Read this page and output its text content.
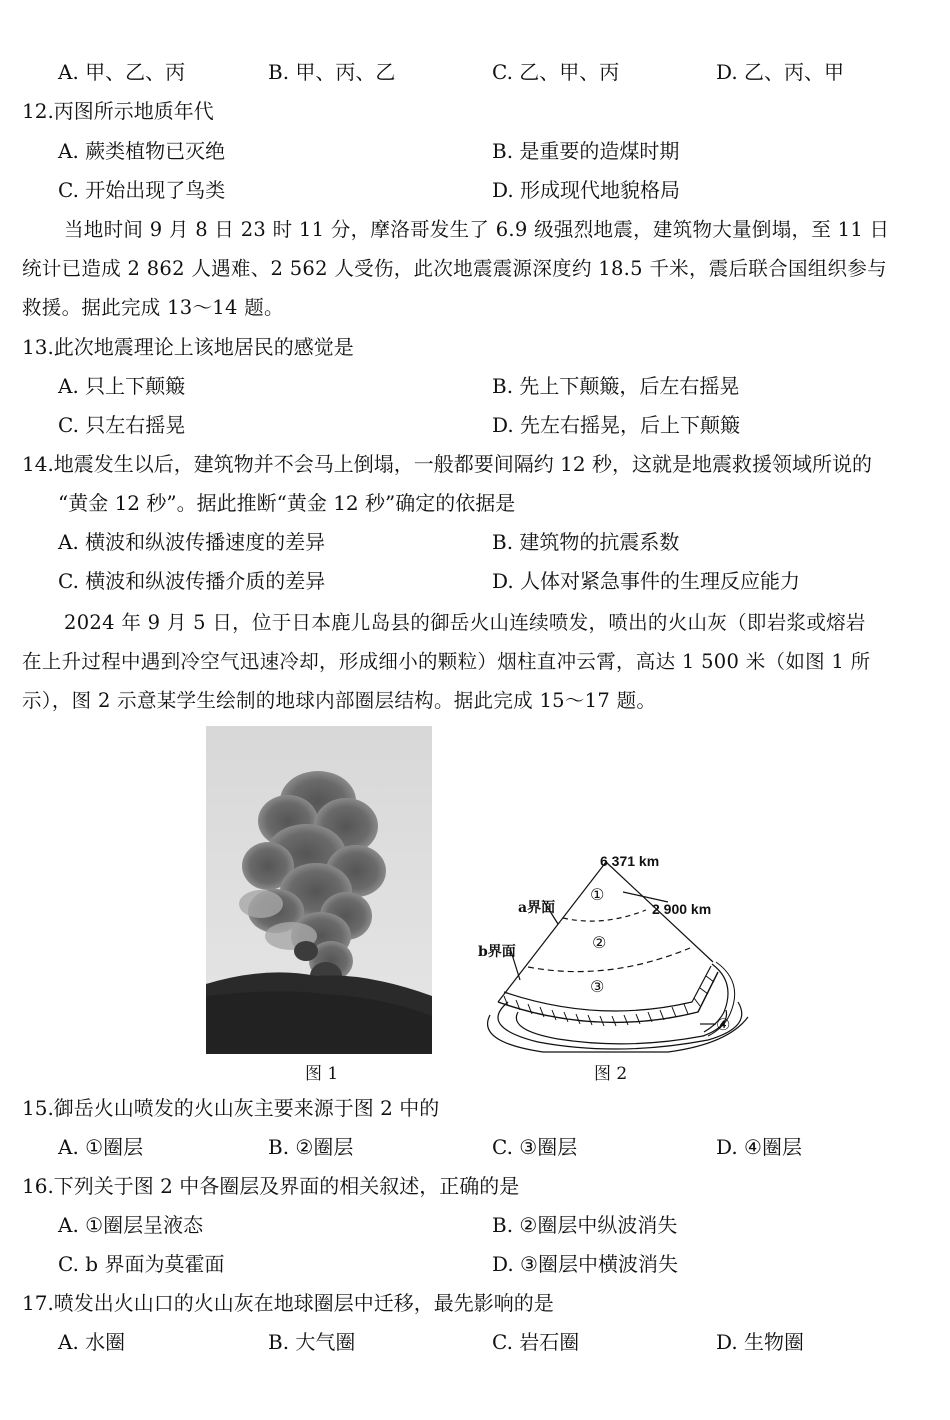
A. 甲、乙、丙	B. 甲、丙、乙	C. 乙、甲、丙	D. 乙、丙、甲
12.丙图所示地质年代
A. 蕨类植物已灭绝	B. 是重要的造煤时期
C. 开始出现了鸟类	D. 形成现代地貌格局

当地时间 9 月 8 日 23 时 11 分，摩洛哥发生了 6.9 级强烈地震，建筑物大量倒塌，至 11 日

统计已造成 2 862 人遇难、2 562 人受伤，此次地震震源深度约 18.5 千米，震后联合国组织参与

救援。据此完成 13～14 题。

13.此次地震理论上该地居民的感觉是
A. 只上下颠簸	B. 先上下颠簸，后左右摇晃
C. 只左右摇晃	D. 先左右摇晃，后上下颠簸
14.地震发生以后，建筑物并不会马上倒塌，一般都要间隔约 12 秒，这就是地震救援领域所说的
“黄金 12 秒”。据此推断“黄金 12 秒”确定的依据是
A. 横波和纵波传播速度的差异	B. 建筑物的抗震系数
C. 横波和纵波传播介质的差异	D. 人体对紧急事件的生理反应能力

2024 年 9 月 5 日，位于日本鹿儿岛县的御岳火山连续喷发，喷出的火山灰（即岩浆或熔岩

在上升过程中遇到冷空气迅速冷却，形成细小的颗粒）烟柱直冲云霄，高达 1 500 米（如图 1 所

示），图 2 示意某学生绘制的地球内部圈层结构。据此完成 15～17 题。

图 1
6 371 km
2 900 km
a界面
b界面
①
②
③
④
图 2
15.御岳火山喷发的火山灰主要来源于图 2 中的
A. ①圈层	B. ②圈层	C. ③圈层	D. ④圈层
16.下列关于图 2 中各圈层及界面的相关叙述，正确的是
A. ①圈层呈液态	B. ②圈层中纵波消失
C. b 界面为莫霍面	D. ③圈层中横波消失
17.喷发出火山口的火山灰在地球圈层中迁移，最先影响的是
A. 水圈	B. 大气圈	C. 岩石圈	D. 生物圈
